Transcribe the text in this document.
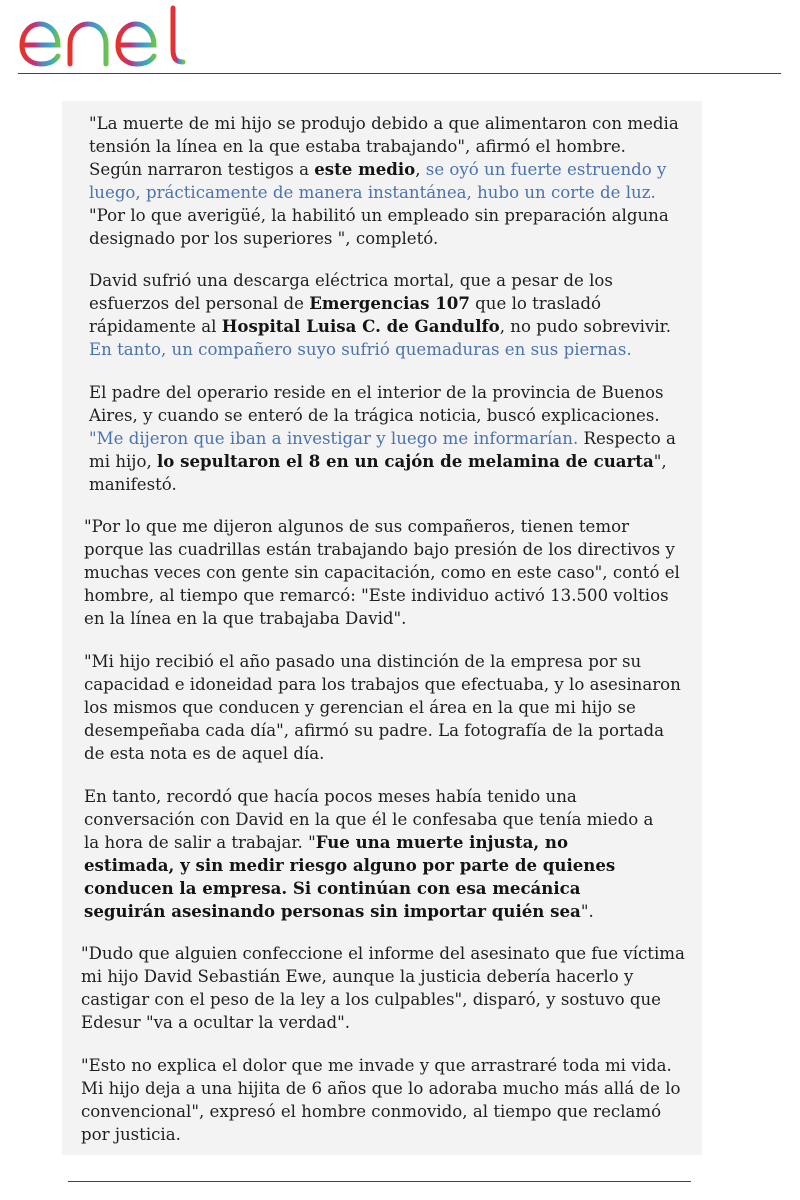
"La muerte de mi hijo se produjo debido a que alimentaron con media tensión la línea en la que estaba trabajando", afirmó el hombre. Según narraron testigos a este medio, se oyó un fuerte estruendo y luego, prácticamente de manera instantánea, hubo un corte de luz. "Por lo que averigüé, la habilitó un empleado sin preparación alguna designado por los superiores ", completó.

David sufrió una descarga eléctrica mortal, que a pesar de los esfuerzos del personal de Emergencias 107 que lo trasladó rápidamente al Hospital Luisa C. de Gandulfo, no pudo sobrevivir. En tanto, un compañero suyo sufrió quemaduras en sus piernas.

El padre del operario reside en el interior de la provincia de Buenos Aires, y cuando se enteró de la trágica noticia, buscó explicaciones. "Me dijeron que iban a investigar y luego me informarían. Respecto a mi hijo, lo sepultaron el 8 en un cajón de melamina de cuarta", manifestó.

"Por lo que me dijeron algunos de sus compañeros, tienen temor porque las cuadrillas están trabajando bajo presión de los directivos y muchas veces con gente sin capacitación, como en este caso", contó el hombre, al tiempo que remarcó: "Este individuo activó 13.500 voltios en la línea en la que trabajaba David".

"Mi hijo recibió el año pasado una distinción de la empresa por su capacidad e idoneidad para los trabajos que efectuaba, y lo asesinaron los mismos que conducen y gerencian el área en la que mi hijo se desempeñaba cada día", afirmó su padre. La fotografía de la portada de esta nota es de aquel día.

En tanto, recordó que hacía pocos meses había tenido una conversación con David en la que él le confesaba que tenía miedo a la hora de salir a trabajar. "Fue una muerte injusta, no estimada, y sin medir riesgo alguno por parte de quienes conducen la empresa. Si continúan con esa mecánica seguirán asesinando personas sin importar quién sea".

"Dudo que alguien confeccione el informe del asesinato que fue víctima mi hijo David Sebastián Ewe, aunque la justicia debería hacerlo y castigar con el peso de la ley a los culpables", disparó, y sostuvo que Edesur "va a ocultar la verdad".

"Esto no explica el dolor que me invade y que arrastraré toda mi vida. Mi hijo deja a una hijita de 6 años que lo adoraba mucho más allá de lo convencional", expresó el hombre conmovido, al tiempo que reclamó por justicia.
